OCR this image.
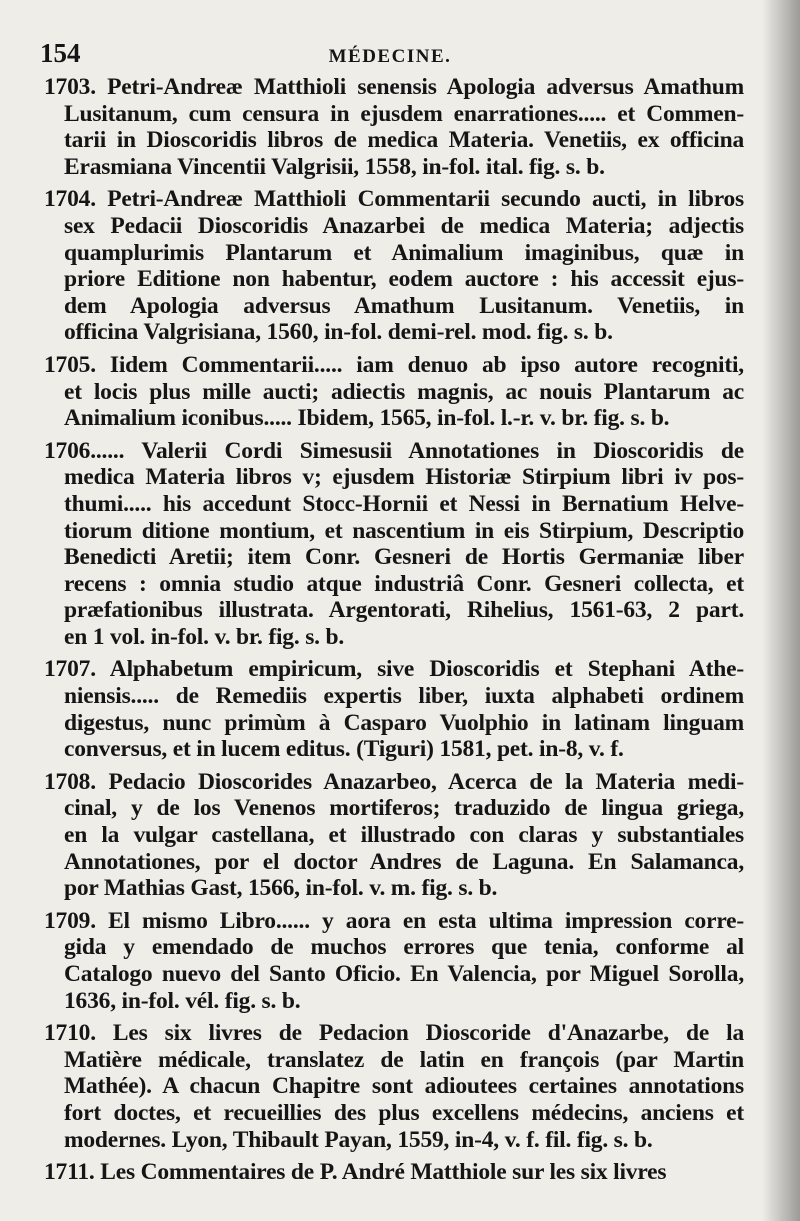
154	MÉDECINE.
1703. Petri-Andreæ Matthioli senensis Apologia adversus Amathum
Lusitanum, cum censura in ejusdem enarrationes..... et Commen-
tarii in Dioscoridis libros de medica Materia. Venetiis, ex officina
Erasmiana Vincentii Valgrisii, 1558, in-fol. ital. fig. s. b.
1704. Petri-Andreæ Matthioli Commentarii secundo aucti, in libros
sex Pedacii Dioscoridis Anazarbei de medica Materia; adjectis
quamplurimis Plantarum et Animalium imaginibus, quæ in
priore Editione non habentur, eodem auctore : his accessit ejus-
dem Apologia adversus Amathum Lusitanum. Venetiis, in
officina Valgrisiana, 1560, in-fol. demi-rel. mod. fig. s. b.
1705. Iidem Commentarii..... iam denuo ab ipso autore recogniti,
et locis plus mille aucti; adiectis magnis, ac nouis Plantarum ac
Animalium iconibus..... Ibidem, 1565, in-fol. l.-r. v. br. fig. s. b.
1706...... Valerii Cordi Simesusii Annotationes in Dioscoridis de
medica Materia libros v; ejusdem Historiæ Stirpium libri iv pos-
thumi..... his accedunt Stocc-Hornii et Nessi in Bernatium Helve-
tiorum ditione montium, et nascentium in eis Stirpium, Descriptio
Benedicti Aretii; item Conr. Gesneri de Hortis Germaniæ liber
recens : omnia studio atque industriâ Conr. Gesneri collecta, et
præfationibus illustrata. Argentorati, Rihelius, 1561-63, 2 part.
en 1 vol. in-fol. v. br. fig. s. b.
1707. Alphabetum empiricum, sive Dioscoridis et Stephani Athe-
niensis..... de Remediis expertis liber, iuxta alphabeti ordinem
digestus, nunc primùm à Casparo Vuolphio in latinam linguam
conversus, et in lucem editus. (Tiguri) 1581, pet. in-8, v. f.
1708. Pedacio Dioscorides Anazarbeo, Acerca de la Materia medi-
cinal, y de los Venenos mortiferos; traduzido de lingua griega,
en la vulgar castellana, et illustrado con claras y substantiales
Annotationes, por el doctor Andres de Laguna. En Salamanca,
por Mathias Gast, 1566, in-fol. v. m. fig. s. b.
1709. El mismo Libro...... y aora en esta ultima impression corre-
gida y emendado de muchos errores que tenia, conforme al
Catalogo nuevo del Santo Oficio. En Valencia, por Miguel Sorolla,
1636, in-fol. vél. fig. s. b.
1710. Les six livres de Pedacion Dioscoride d'Anazarbe, de la
Matière médicale, translatez de latin en françois (par Martin
Mathée). A chacun Chapitre sont adioutees certaines annotations
fort doctes, et recueillies des plus excellens médecins, anciens et
modernes. Lyon, Thibault Payan, 1559, in-4, v. f. fil. fig. s. b.
1711. Les Commentaires de P. André Matthiole sur les six livres
